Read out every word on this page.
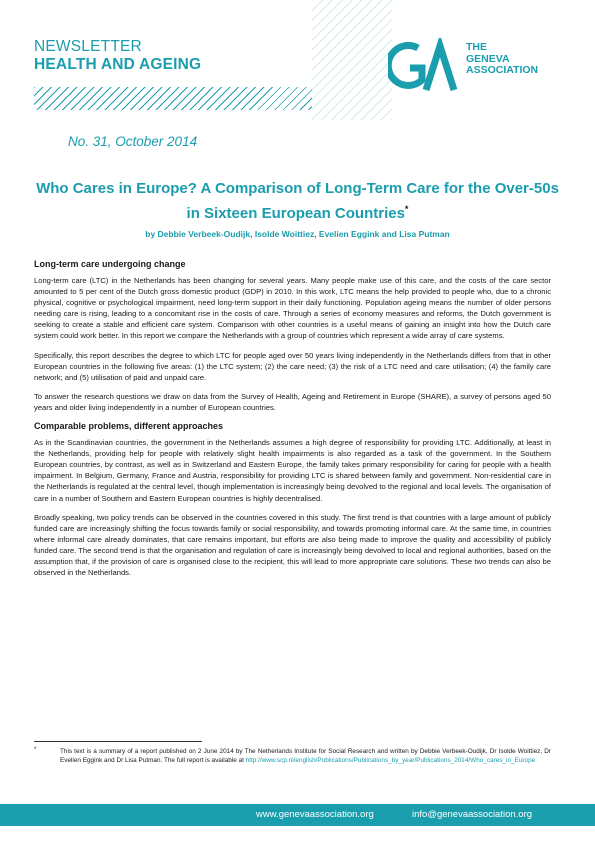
NEWSLETTER
HEALTH AND AGEING
THE
GENEVA
ASSOCIATION
No. 31, October 2014
Who Cares in Europe? A Comparison of Long-Term Care for the Over-50s in Sixteen European Countries*
by Debbie Verbeek-Oudijk, Isolde Woittiez, Evelien Eggink and Lisa Putman
Long-term care undergoing change

Long-term care (LTC) in the Netherlands has been changing for several years. Many people make use of this care, and the costs of the care sector amounted to 5 per cent of the Dutch gross domestic product (GDP) in 2010. In this work, LTC means the help provided to people who, due to a chronic physical, cognitive or psychological impairment, need long-term support in their daily functioning. Population ageing means the number of older persons needing care is rising, leading to a concomitant rise in the costs of care. Through a series of economy measures and reforms, the Dutch government is seeking to create a stable and efficient care system. Comparison with other countries is a useful means of gaining an insight into how the Dutch care system could work better. In this report we compare the Netherlands with a group of countries which represent a wide array of care systems.

Specifically, this report describes the degree to which LTC for people aged over 50 years living independently in the Netherlands differs from that in other European countries in the following five areas: (1) the LTC system; (2) the care need; (3) the risk of a LTC need and care utilisation; (4) the family care network; and (5) utilisation of paid and unpaid care.

To answer the research questions we draw on data from the Survey of Health, Ageing and Retirement in Europe (SHARE), a survey of persons aged 50 years and older living independently in a number of European countries.

Comparable problems, different approaches

As in the Scandinavian countries, the government in the Netherlands assumes a high degree of responsibility for providing LTC. Additionally, at least in the Netherlands, providing help for people with relatively slight health impairments is also regarded as a task of the government. In the Southern European countries, by contrast, as well as in Switzerland and Eastern Europe, the family takes primary responsibility for caring for people with a health impairment. In Belgium, Germany, France and Austria, responsibility for providing LTC is shared between family and government. Non-residential care in the Netherlands is regulated at the central level, though implementation is increasingly being devolved to the regional and local levels. The organisation of care in a number of Southern and Eastern European countries is highly decentralised.

Broadly speaking, two policy trends can be observed in the countries covered in this study. The first trend is that countries with a large amount of publicly funded care are increasingly shifting the focus towards family or social responsibility, and towards promoting informal care. At the same time, in countries where informal care already dominates, that care remains important, but efforts are also being made to improve the quality and accessibility of publicly funded care. The second trend is that the organisation and regulation of care is increasingly being devolved to local and regional authorities, based on the assumption that, if the provision of care is organised close to the recipient, this will lead to more appropriate care solutions. These two trends can also be observed in the Netherlands.

*	This text is a summary of a report published on 2 June 2014 by The Netherlands Institute for Social Research and written by Debbie Verbeek-Oudijk, Dr Isolde Woittiez, Dr Evelien Eggink and Dr Lisa Putman. The full report is available at http://www.scp.nl/english/Publications/Publications_by_year/Publications_2014/Who_cares_in_Europe
www.genevaassociation.org	info@genevaassociation.org
